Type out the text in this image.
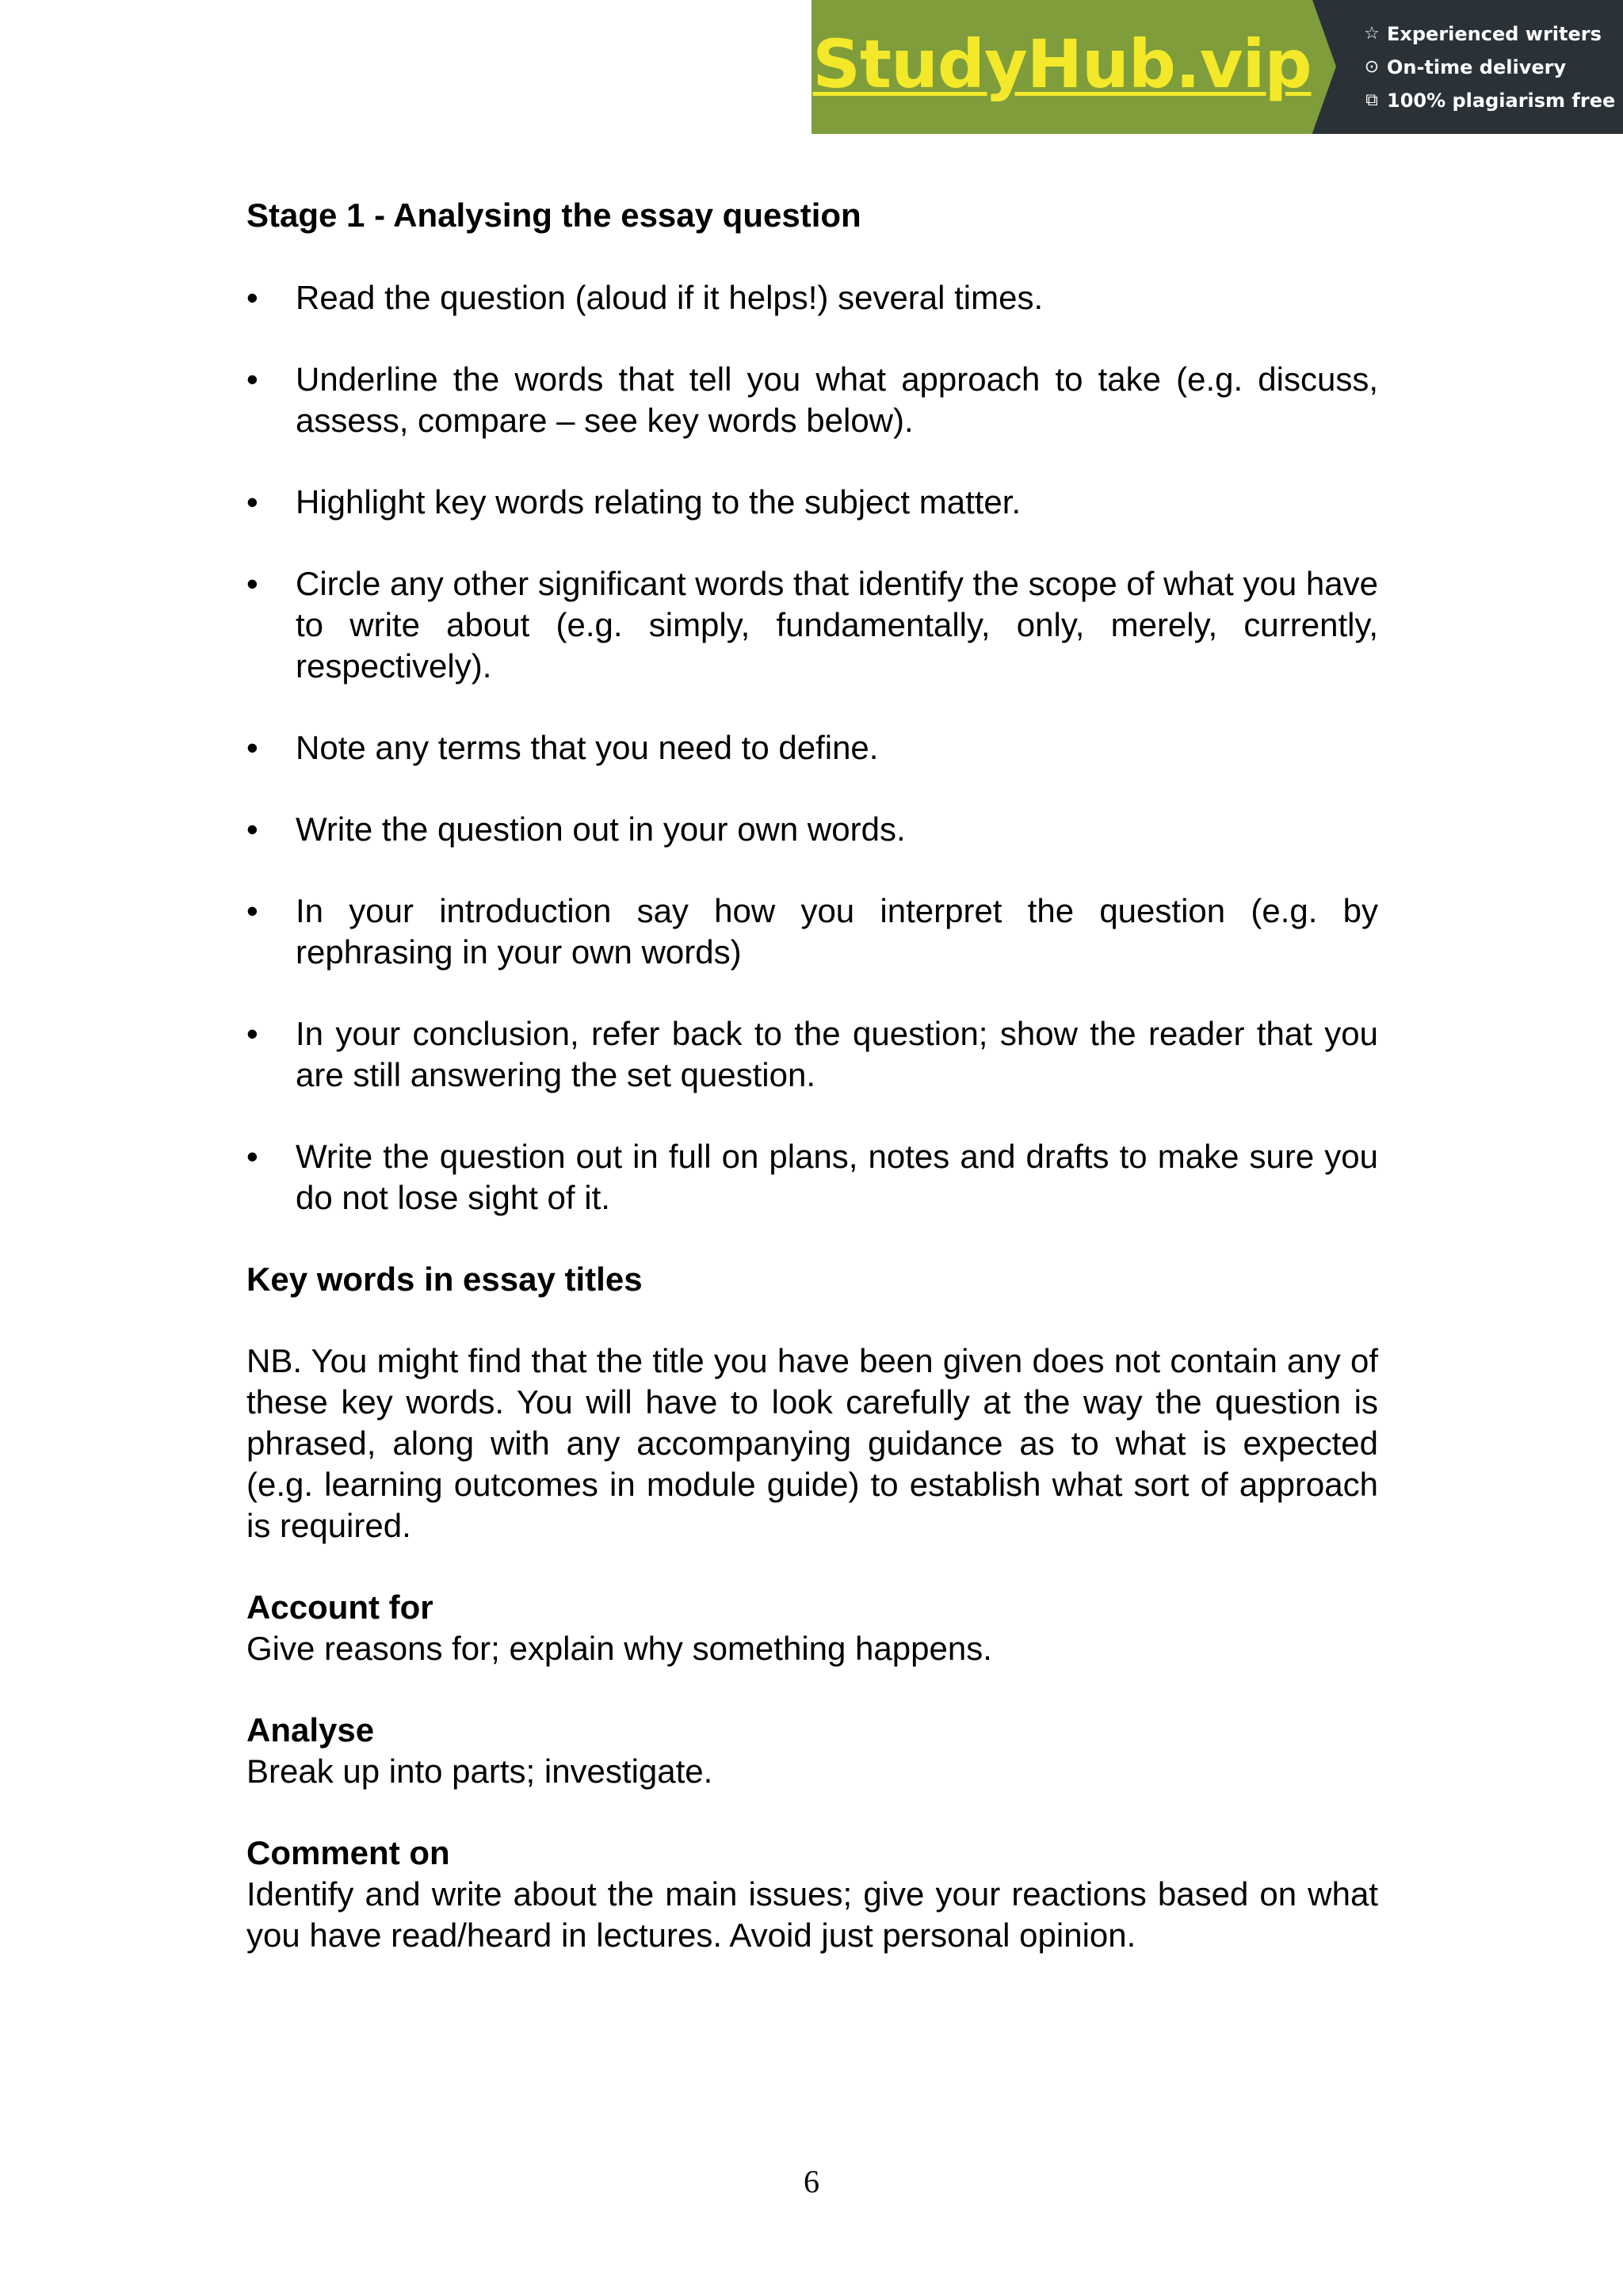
StudyHub.vip	☆ Experienced writers
⊙ On-time delivery
⧉ 100% plagiarism free

Stage 1 - Analysing the essay question

• Read the question (aloud if it helps!) several times.
• Underline the words that tell you what approach to take (e.g. discuss, assess, compare – see key words below).
• Highlight key words relating to the subject matter.
• Circle any other significant words that identify the scope of what you have to write about (e.g. simply, fundamentally, only, merely, currently, respectively).
• Note any terms that you need to define.
• Write the question out in your own words.
• In your introduction say how you interpret the question (e.g. by rephrasing in your own words)
• In your conclusion, refer back to the question; show the reader that you are still answering the set question.
• Write the question out in full on plans, notes and drafts to make sure you do not lose sight of it.

Key words in essay titles

NB. You might find that the title you have been given does not contain any of these key words. You will have to look carefully at the way the question is phrased, along with any accompanying guidance as to what is expected (e.g. learning outcomes in module guide) to establish what sort of approach is required.

Account for

Give reasons for; explain why something happens.

Analyse

Break up into parts; investigate.

Comment on

Identify and write about the main issues; give your reactions based on what you have read/heard in lectures. Avoid just personal opinion.

6
